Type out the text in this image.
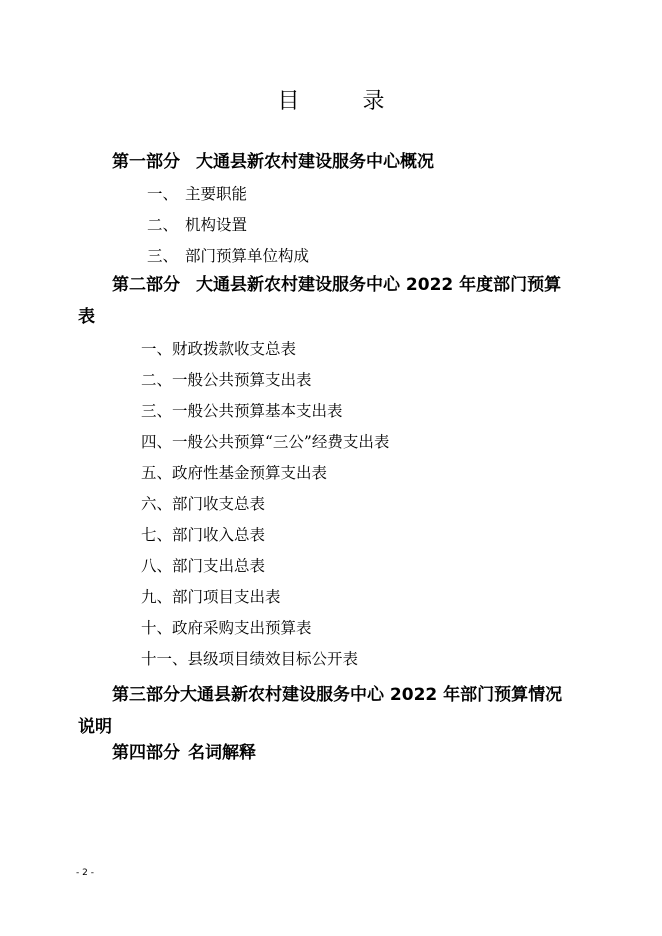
目 录
第一部分 大通县新农村建设服务中心概况
一、 主要职能
二、 机构设置
三、 部门预算单位构成
第二部分 大通县新农村建设服务中心 2022 年度部门预算表
一、财政拨款收支总表
二、一般公共预算支出表
三、一般公共预算基本支出表
四、一般公共预算“三公”经费支出表
五、政府性基金预算支出表
六、部门收支总表
七、部门收入总表
八、部门支出总表
九、部门项目支出表
十、政府采购支出预算表
十一、县级项目绩效目标公开表
第三部分大通县新农村建设服务中心 2022 年部门预算情况说明
第四部分 名词解释
- 2 -
